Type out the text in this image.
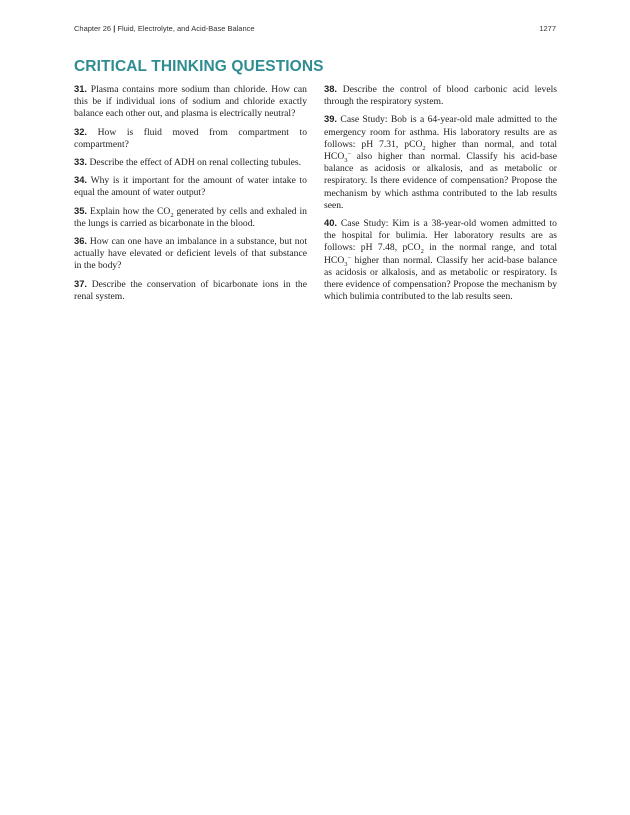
Chapter 26 | Fluid, Electrolyte, and Acid-Base Balance	1277
CRITICAL THINKING QUESTIONS

31. Plasma contains more sodium than chloride. How can this be if individual ions of sodium and chloride exactly balance each other out, and plasma is electrically neutral?

32. How is fluid moved from compartment to compartment?

33. Describe the effect of ADH on renal collecting tubules.

34. Why is it important for the amount of water intake to equal the amount of water output?

35. Explain how the $CO_2$ generated by cells and exhaled in the lungs is carried as bicarbonate in the blood.

36. How can one have an imbalance in a substance, but not actually have elevated or deficient levels of that substance in the body?

37. Describe the conservation of bicarbonate ions in the renal system.

38. Describe the control of blood carbonic acid levels through the respiratory system.

39. Case Study: Bob is a 64-year-old male admitted to the emergency room for asthma. His laboratory results are as follows: pH 7.31, pCO$_2$ higher than normal, and total $HCO_3^-$ also higher than normal. Classify his acid-base balance as acidosis or alkalosis, and as metabolic or respiratory. Is there evidence of compensation? Propose the mechanism by which asthma contributed to the lab results seen.

40. Case Study: Kim is a 38-year-old women admitted to the hospital for bulimia. Her laboratory results are as follows: pH 7.48, pCO$_2$ in the normal range, and total $HCO_3^-$ higher than normal. Classify her acid-base balance as acidosis or alkalosis, and as metabolic or respiratory. Is there evidence of compensation? Propose the mechanism by which bulimia contributed to the lab results seen.
